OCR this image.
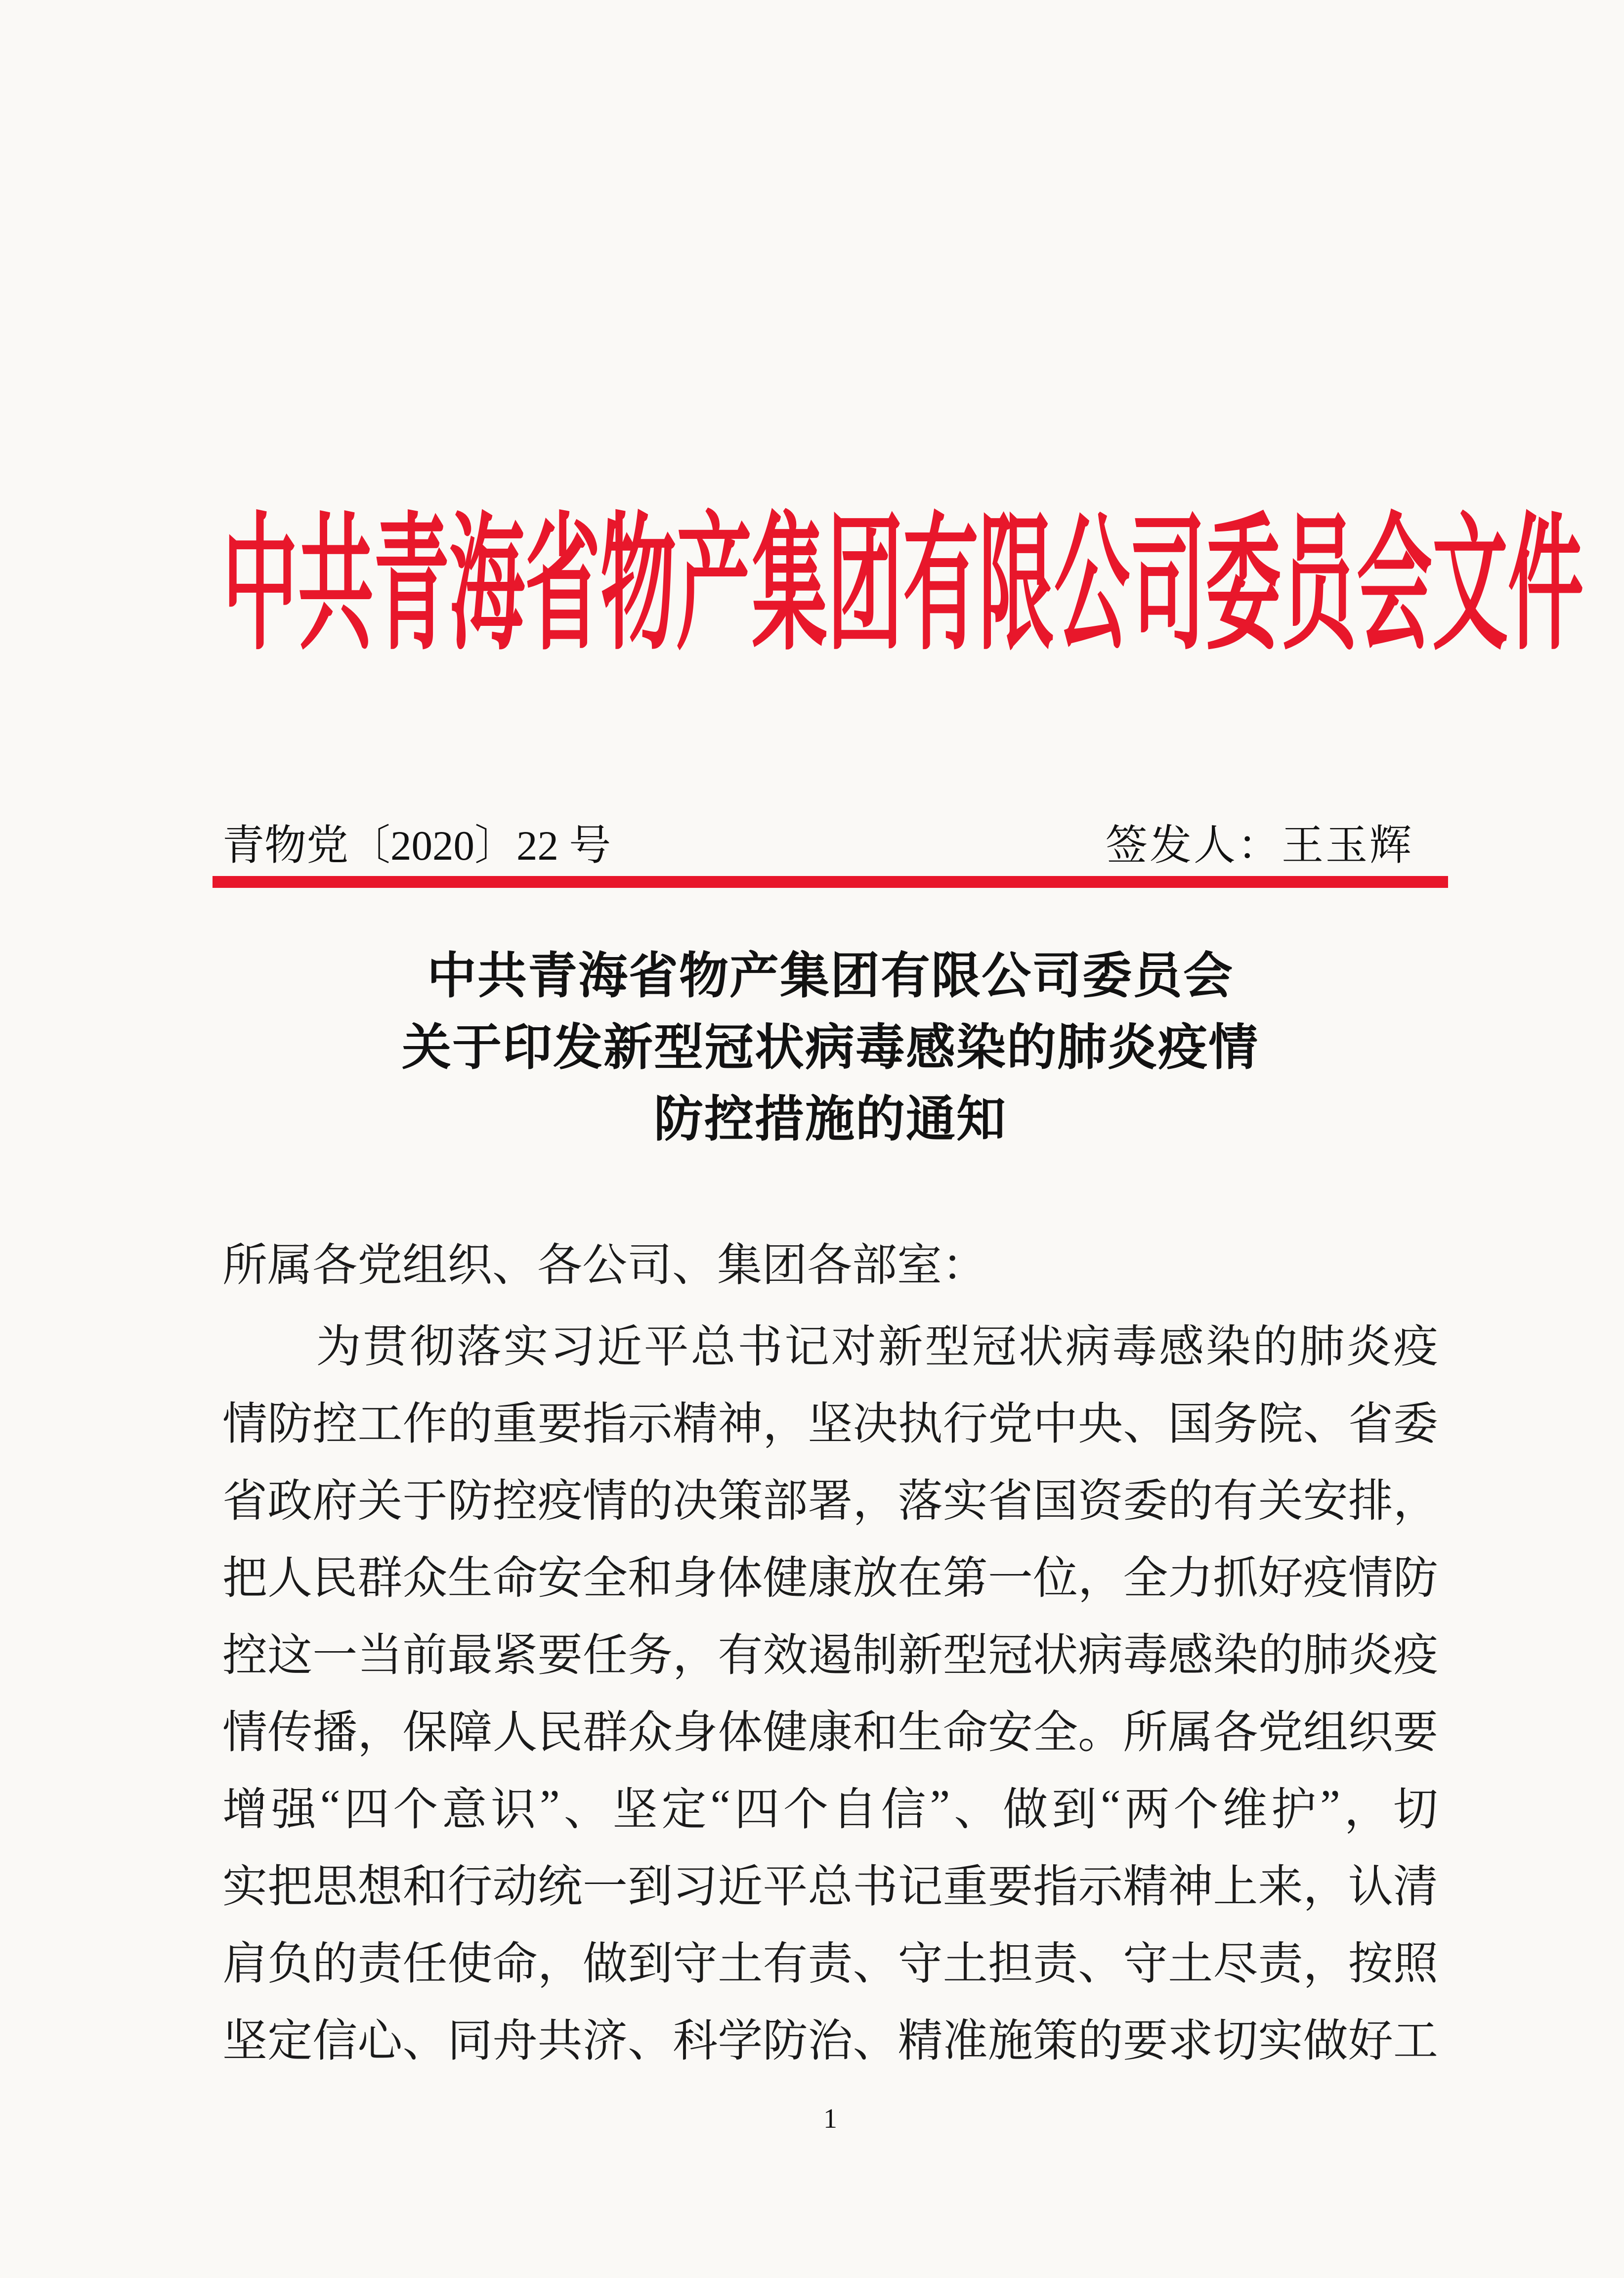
中共青海省物产集团有限公司委员会文件
青物党〔2020〕22 号	签发人：王玉辉
中共青海省物产集团有限公司委员会
关于印发新型冠状病毒感染的肺炎疫情
防控措施的通知
所属各党组织、各公司、集团各部室：

为 贯 彻 落 实 习 近 平 总 书 记 对 新 型 冠 状 病 毒 感 染 的 肺 炎 疫
情 防 控 工 作 的 重 要 指 示 精 神 ， 坚 决 执 行 党 中 央 、 国 务 院 、 省 委
省 政 府 关 于 防 控 疫 情 的 决 策 部 署 ， 落 实 省 国 资 委 的 有 关 安 排 ，
把 人 民 群 众 生 命 安 全 和 身 体 健 康 放 在 第 一 位 ， 全 力 抓 好 疫 情 防
控 这 一 当 前 最 紧 要 任 务 ， 有 效 遏 制 新 型 冠 状 病 毒 感 染 的 肺 炎 疫
情 传 播 ， 保 障 人 民 群 众 身 体 健 康 和 生 命 安 全 。 所 属 各 党 组 织 要
增 强 “ 四 个 意 识 ” 、 坚 定 “ 四 个 自 信 ” 、 做 到 “ 两 个 维 护 ” ， 切
实 把 思 想 和 行 动 统 一 到 习 近 平 总 书 记 重 要 指 示 精 神 上 来 ， 认 清
肩 负 的 责 任 使 命 ， 做 到 守 土 有 责 、 守 土 担 责 、 守 土 尽 责 ， 按 照
坚 定 信 心 、 同 舟 共 济 、 科 学 防 治 、 精 准 施 策 的 要 求 切 实 做 好 工
1
